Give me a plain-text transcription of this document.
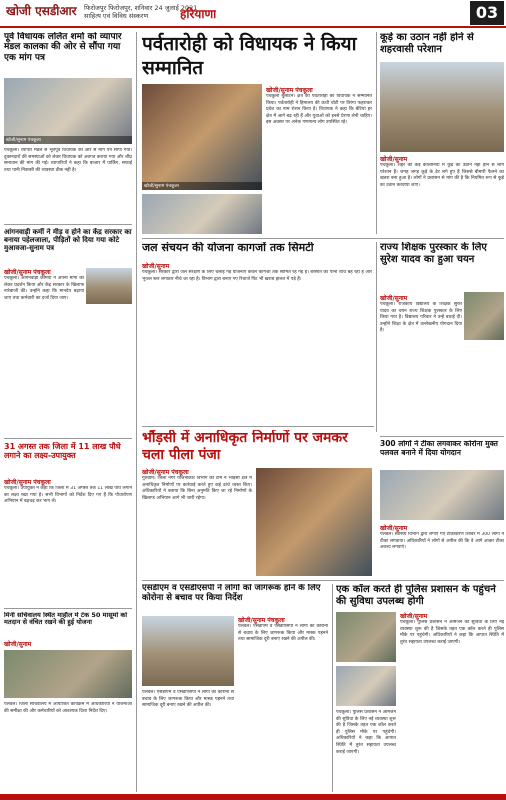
खोजी एसडीआर फिरोजपुर फिरोजपुर, शनिवार 24 जुलाई 2021
साहित्य एवं विविध संस्करण	हरियाणा	03
पूर्व विधायक ललित शर्मा को व्यापार मंडल कालका की ओर से सौंपा गया एक मांग पत्र
खोजी/सुनाम पंचकूला
पंचकूला। व्यापार मंडल से भूतपूर्व विधायक की ओर से मांग पत्र सौंपा गया। दुकानदारों की समस्याओं को लेकर विधायक को अवगत कराया गया और शीघ्र समाधान की मांग की गई। व्यापारियों ने कहा कि बाजार में पार्किंग, सफाई तथा पानी निकासी की व्यवस्था ठीक नहीं है।
आंगनवाड़ी कर्मी ने मीड़ व होने का केंद्र सरकार का बनाया पहेलजाला, पीड़ितों को दिया गया कोटे मुआवजा-सुनाम पत्र
खोजी/सुनाम पंचकूला
पंचकूला। आंगनवाड़ी कर्मियों ने अपनी मांगों को लेकर प्रदर्शन किया और केंद्र सरकार के खिलाफ नारेबाजी की। उन्होंने कहा कि मानदेय बढ़ाया जाए तथा कर्मचारी का दर्जा दिया जाए।
31 अगस्त तक जिला में 11 लाख पौधे लगाने का लक्ष्य-उपायुक्त
खोजी/सुनाम पंचकूला
पंचकूला। उपायुक्त ने कहा कि जिला में 31 अगस्त तक 11 लाख पौधे लगाने का लक्ष्य रखा गया है। सभी विभागों को निर्देश दिए गए हैं कि पौधारोपण अभियान में बढ़चढ़ कर भाग लें।
मिनी सचिवालय स्थित माहौल में टेक 50 मासूमों को मतदान से वंचित रखने की हुई योजना
खोजी/सुनाम
पलवल। जिला सचिवालय में आयोजित कार्यक्रम में अधिकारियों ने योजनाओं की समीक्षा की और कर्मचारियों को आवश्यक दिशा निर्देश दिए।
पर्वतारोही को विधायक ने किया सम्मानित
खोजी/सुनाम पंचकूला
खोजी/सुनाम पंचकूला
पंचकूला बुलेटिन। क्षेत्र की पर्वतारोही को विधायक ने सम्मानित किया। पर्वतारोही ने हिमालय की ऊंची चोटी पर तिरंगा फहराकर प्रदेश का नाम रोशन किया है। विधायक ने कहा कि बेटियां हर क्षेत्र में आगे बढ़ रही हैं और युवाओं को इनसे प्रेरणा लेनी चाहिए। इस अवसर पर अनेक गणमान्य लोग उपस्थित रहे।
कूड़े का उठान नहीं होने से शहरवासी परेशान
खोजी/सुनाम
पंचकूला। शहर की कई कॉलोनियों में कूड़े का उठान नहीं होने से लोग परेशान हैं। जगह जगह कूड़े के ढेर लगे हुए हैं जिससे बीमारी फैलने का खतरा बना हुआ है। लोगों ने प्रशासन से मांग की है कि नियमित रूप से कूड़े का उठान करवाया जाए।
जल संचयन की योजना कागजों तक सिमटी
खोजी/सुनाम
पंचकूला। सरकार द्वारा जल संरक्षण के लिए चलाई गई योजनाएं केवल कागजों तक सीमित रह गई हैं। बरसात का पानी व्यर्थ बह रहा है और भूजल स्तर लगातार नीचे जा रहा है। विभाग द्वारा बनाए गए रिचार्ज पिट भी खराब हालत में पड़े हैं।
राज्य शिक्षक पुरस्कार के लिए सुरेश यादव का हुआ चयन
खोजी/सुनाम
पंचकूला। राजकीय विद्यालय के शिक्षक सुरेश यादव का चयन राज्य शिक्षक पुरस्कार के लिए किया गया है। विद्यालय परिवार ने उन्हें बधाई दी। उन्होंने शिक्षा के क्षेत्र में उल्लेखनीय योगदान दिया है।
भौंड़सी में अनाधिकृत निर्माणों पर जमकर चला पीला पंजा
खोजी/सुनाम पंचकूला
गुरुग्राम। जिला नगर योजनाकार विभाग की टीम ने भौंड़सी क्षेत्र में अनाधिकृत निर्माणों पर कार्रवाई करते हुए कई ढांचे ध्वस्त किए। अधिकारियों ने बताया कि बिना अनुमति किए जा रहे निर्माणों के खिलाफ अभियान आगे भी जारी रहेगा।
300 लोगों ने टीका लगवाकर कोरोना मुक्त पलवल बनाने में दिया योगदान
खोजी/सुनाम
पलवल। स्वास्थ्य विभाग द्वारा लगाए गए टीकाकरण शिविर में 300 लोगों ने टीका लगवाया। अधिकारियों ने लोगों से अपील की कि वे आगे आकर टीका अवश्य लगवाएं।
एसडीएम व एसडीएसपी ने लोगों को जागरूक होने के लिए कोरोना से बचाव पर किया निर्देश
खोजी/सुनाम पंचकूला
पलवल। एसडीएम व एसडीएसपी ने लोगों को कोरोना से बचाव के लिए जागरूक किया और मास्क पहनने तथा सामाजिक दूरी बनाए रखने की अपील की।
पलवल। एसडीएम व एसडीएसपी ने लोगों को कोरोना से बचाव के लिए जागरूक किया और मास्क पहनने तथा सामाजिक दूरी बनाए रखने की अपील की।
एक कॉल करते ही पुलिस प्रशासन के पहुंचने की सुविधा उपलब्ध होगी
खोजी/सुनाम
पंचकूला। पुलिस प्रशासन ने आमजन की सुविधा के लिए नई व्यवस्था शुरू की है जिसके तहत एक कॉल करते ही पुलिस मौके पर पहुंचेगी। अधिकारियों ने कहा कि आपात स्थिति में तुरंत सहायता उपलब्ध कराई जाएगी।
पंचकूला। पुलिस प्रशासन ने आमजन की सुविधा के लिए नई व्यवस्था शुरू की है जिसके तहत एक कॉल करते ही पुलिस मौके पर पहुंचेगी। अधिकारियों ने कहा कि आपात स्थिति में तुरंत सहायता उपलब्ध कराई जाएगी।
